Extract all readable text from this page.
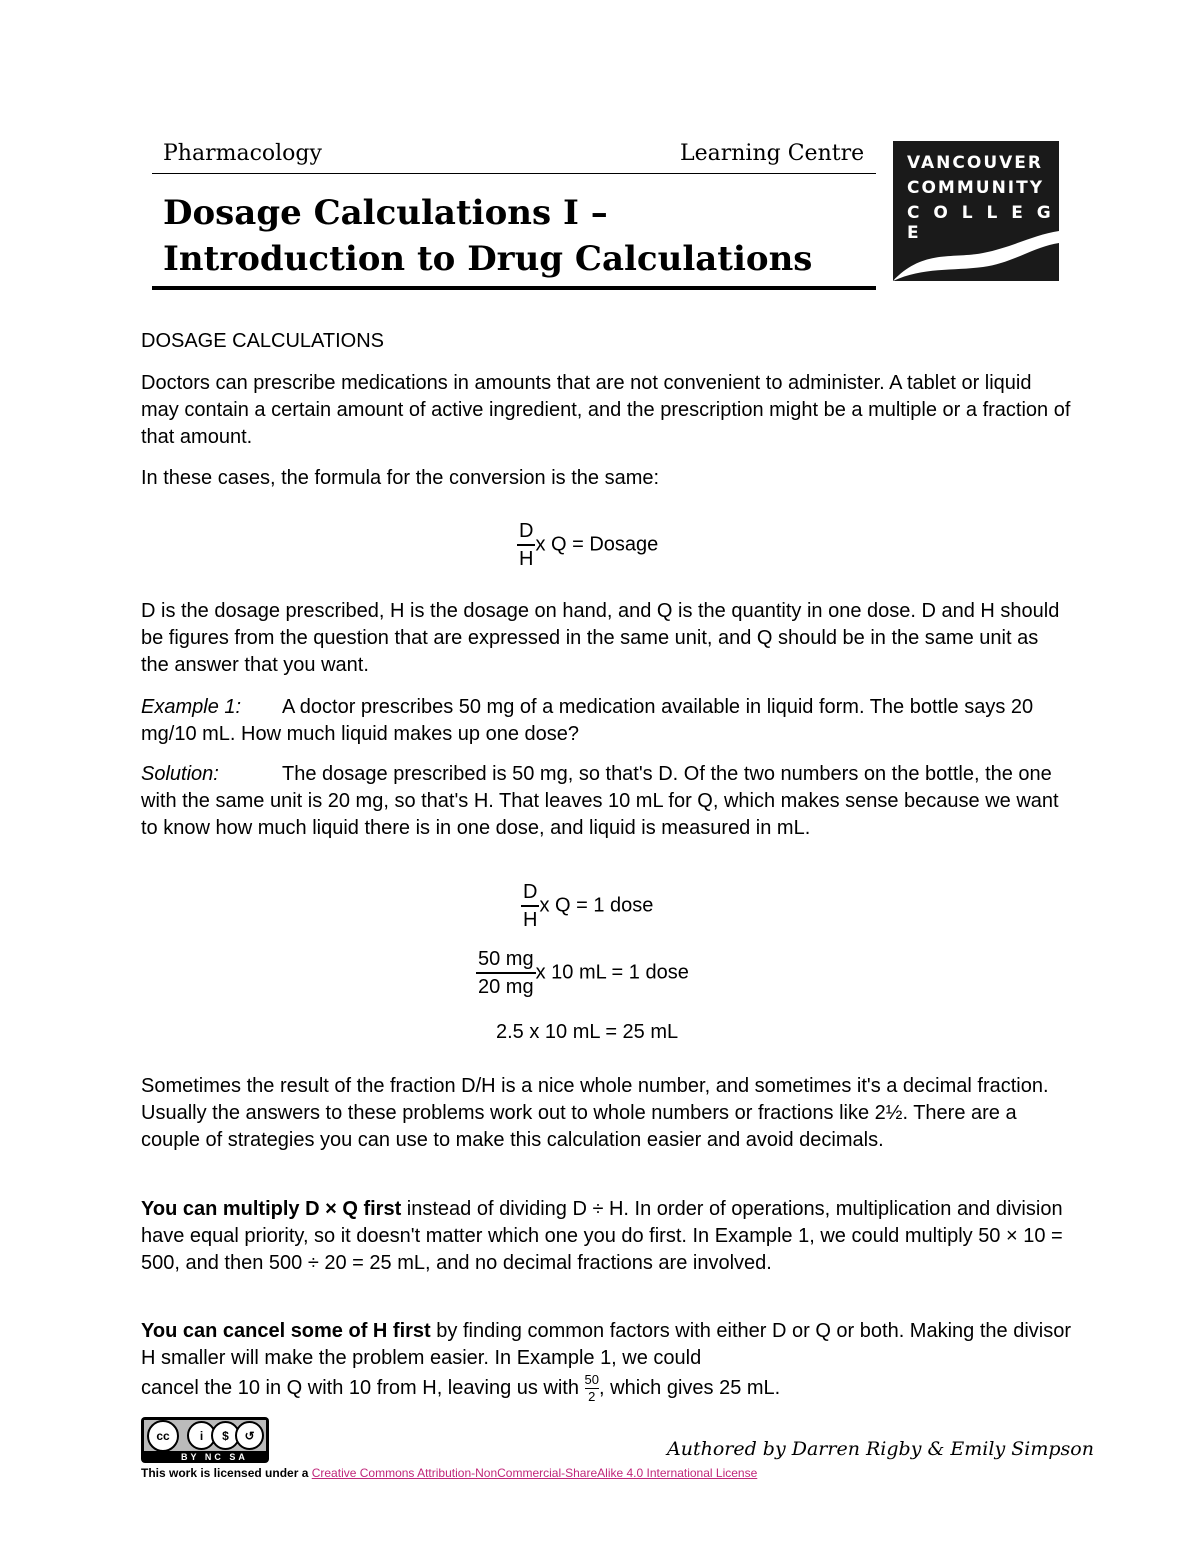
Pharmacology	Learning Centre
Dosage Calculations I –
Introduction to Drug Calculations
VANCOUVER
COMMUNITY
C O L L E G E
DOSAGE CALCULATIONS
Doctors can prescribe medications in amounts that are not convenient to administer. A tablet or liquid may contain a certain amount of active ingredient, and the prescription might be a multiple or a fraction of that amount.
In these cases, the formula for the conversion is the same:
$\frac{D}{H}$ x Q = Dosage
D is the dosage prescribed, H is the dosage on hand, and Q is the quantity in one dose. D and H should be figures from the question that are expressed in the same unit, and Q should be in the same unit as the answer that you want.
Example 1: A doctor prescribes 50 mg of a medication available in liquid form. The bottle says 20 mg/10 mL. How much liquid makes up one dose?
Solution:	The dosage prescribed is 50 mg, so that's D. Of the two numbers on the bottle, the one with the same unit is 20 mg, so that's H. That leaves 10 mL for Q, which makes sense because we want to know how much liquid there is in one dose, and liquid is measured in mL.
$\frac{D}{H}$ x Q = 1 dose
$\frac{50 mg}{20 mg}$ x 10 mL = 1 dose
2.5 x 10 mL = 25 mL
Sometimes the result of the fraction D/H is a nice whole number, and sometimes it's a decimal fraction. Usually the answers to these problems work out to whole numbers or fractions like 2½. There are a couple of strategies you can use to make this calculation easier and avoid decimals.
You can multiply D × Q first instead of dividing D ÷ H. In order of operations, multiplication and division have equal priority, so it doesn't matter which one you do first. In Example 1, we could multiply 50 × 10 = 500, and then 500 ÷ 20 = 25 mL, and no decimal fractions are involved.
You can cancel some of H first by finding common factors with either D or Q or both. Making the divisor H smaller will make the problem easier. In Example 1, we could
cancel the 10 in Q with 10 from H, leaving us with $\frac{50}{2}$ , which gives 25 mL.
cc	i	$	↺
BY NC SA	Authored by Darren Rigby & Emily Simpson
This work is licensed under a Creative Commons Attribution-NonCommercial-ShareAlike 4.0 International License
